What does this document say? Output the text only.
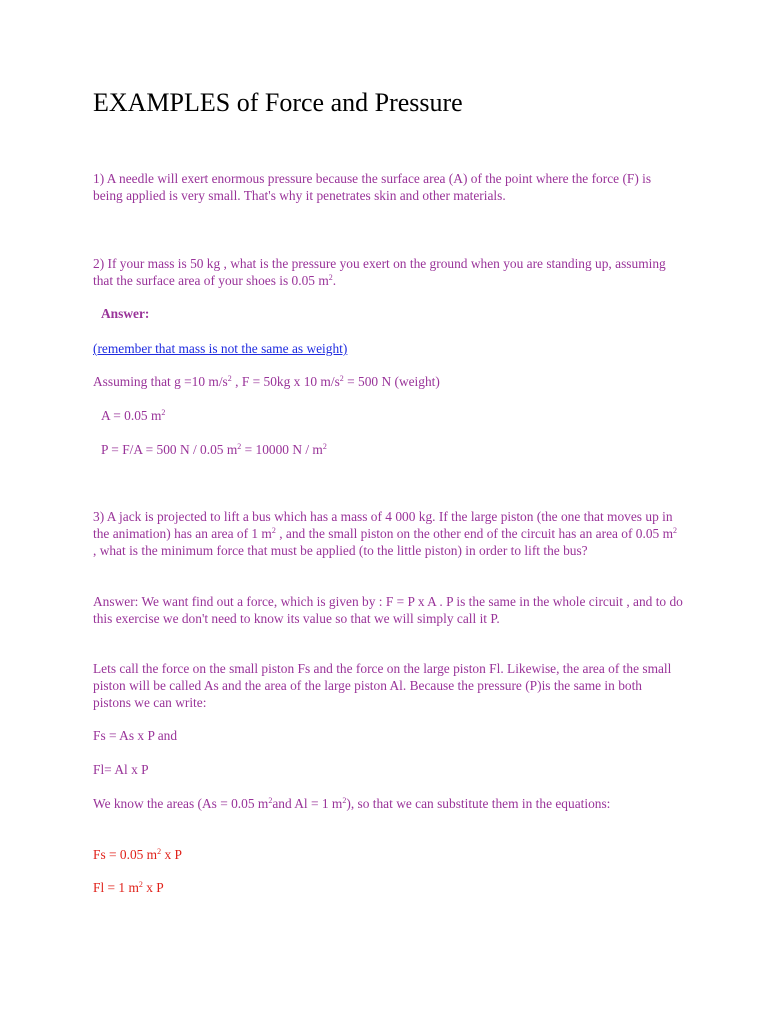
EXAMPLES of Force and Pressure

1) A needle will exert enormous pressure because the surface area (A) of the point where the force (F) is being applied is very small. That's why it penetrates skin and other materials.

2) If your mass is 50 kg , what is the pressure you exert on the ground when you are standing up, assuming that the surface area of your shoes is 0.05 $m^2$.

Answer:

(remember that mass is not the same as weight)

Assuming that g =10 $m/s^2$ , F = 50kg x 10 $m/s^2 = 500$ N (weight)

A = 0.05 $m^2$

P = F/A = 500 N / 0.05 $m^2 = 10000$ N / $m^2$

3) A jack is projected to lift a bus which has a mass of 4 000 kg. If the large piston (the one that moves up in the animation) has an area of 1 $m^2$ , and the small piston on the other end of the circuit has an area of 0.05 $m^2$ , what is the minimum force that must be applied (to the little piston) in order to lift the bus?

Answer: We want find out a force, which is given by : F = P x A . P is the same in the whole circuit , and to do this exercise we don't need to know its value so that we will simply call it P.

Lets call the force on the small piston Fs and the force on the large piston Fl. Likewise, the area of the small piston will be called As and the area of the large piston Al. Because the pressure (P)is the same in both pistons we can write:

Fs = As x P and

Fl= Al x P

We know the areas (As = 0.05 $m^2and$ Al = 1 $m^2$), so that we can substitute them in the equations:

Fs = 0.05 $m^2$ x P

Fl = 1 $m^2$ x P
